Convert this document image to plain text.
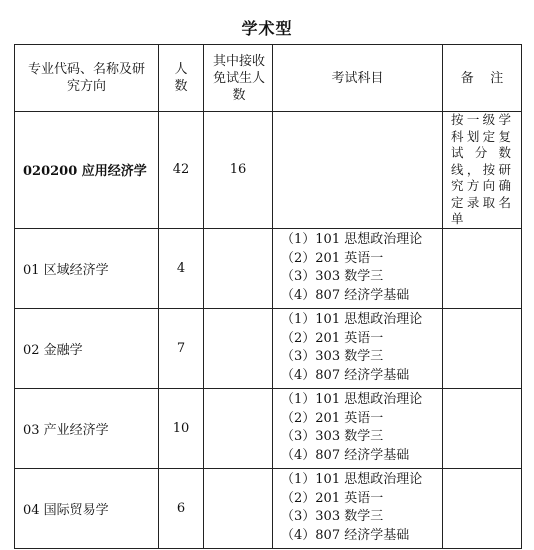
学术型
专业代码、名称及研究方向	人数	其中接收免试生人数	考试科目	备    注
020200 应用经济学	42	16		按一级学科划定复试分数线，按研究方向确定录取名单
01 区域经济学	4		（1）101 思想政治理论
（2）201 英语一
（3）303 数学三
（4）807 经济学基础	

02 金融学	7		（1）101 思想政治理论
（2）201 英语一
（3）303 数学三
（4）807 经济学基础	

03 产业经济学	10		（1）101 思想政治理论
（2）201 英语一
（3）303 数学三
（4）807 经济学基础	

04 国际贸易学	6		（1）101 思想政治理论
（2）201 英语一
（3）303 数学三
（4）807 经济学基础	
